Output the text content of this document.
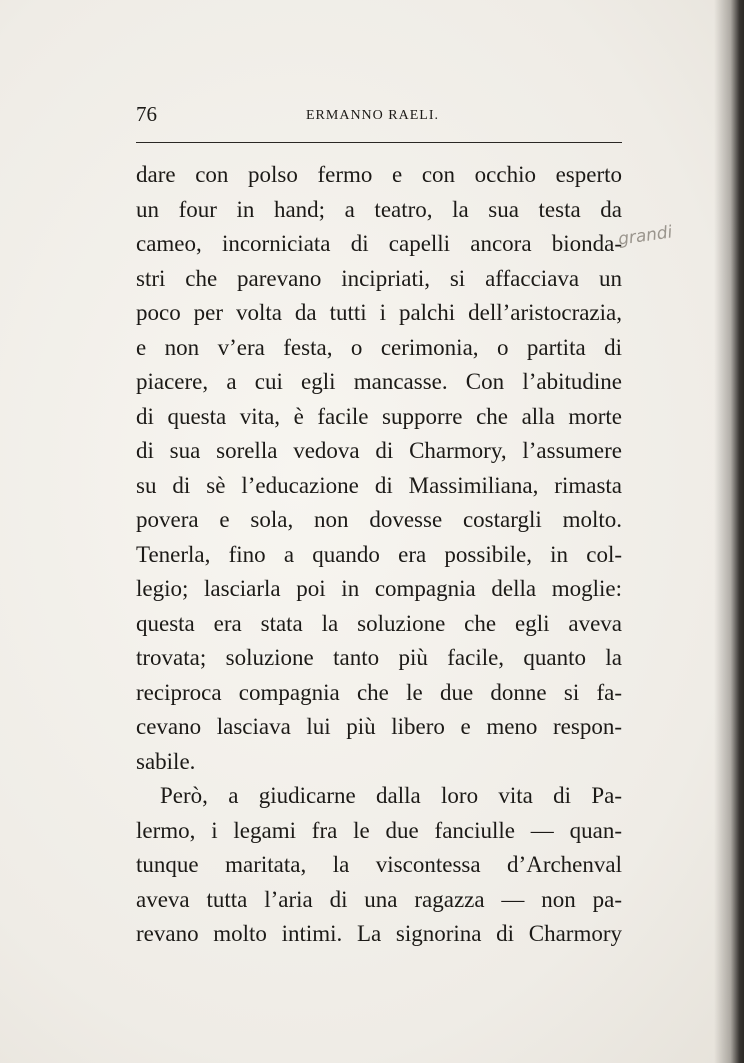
76	ERMANNO RAELI.
dare con polso fermo e con occhio esperto
un four in hand; a teatro, la sua testa da
cameo, incorniciata di capelli ancora bionda-
stri che parevano incipriati, si affacciava un
poco per volta da tutti i palchi dell’aristocrazia,
e non v’era festa, o cerimonia, o partita di
piacere, a cui egli mancasse. Con l’abitudine
di questa vita, è facile supporre che alla morte
di sua sorella vedova di Charmory, l’assumere
su di sè l’educazione di Massimiliana, rimasta
povera e sola, non dovesse costargli molto.
Tenerla, fino a quando era possibile, in col-
legio; lasciarla poi in compagnia della moglie:
questa era stata la soluzione che egli aveva
trovata; soluzione tanto più facile, quanto la
reciproca compagnia che le due donne si fa-
cevano lasciava lui più libero e meno respon-
sabile.
Però, a giudicarne dalla loro vita di Pa-
lermo, i legami fra le due fanciulle — quan-
tunque maritata, la viscontessa d’Archenval
aveva tutta l’aria di una ragazza — non pa-
revano molto intimi. La signorina di Charmory
grandi
